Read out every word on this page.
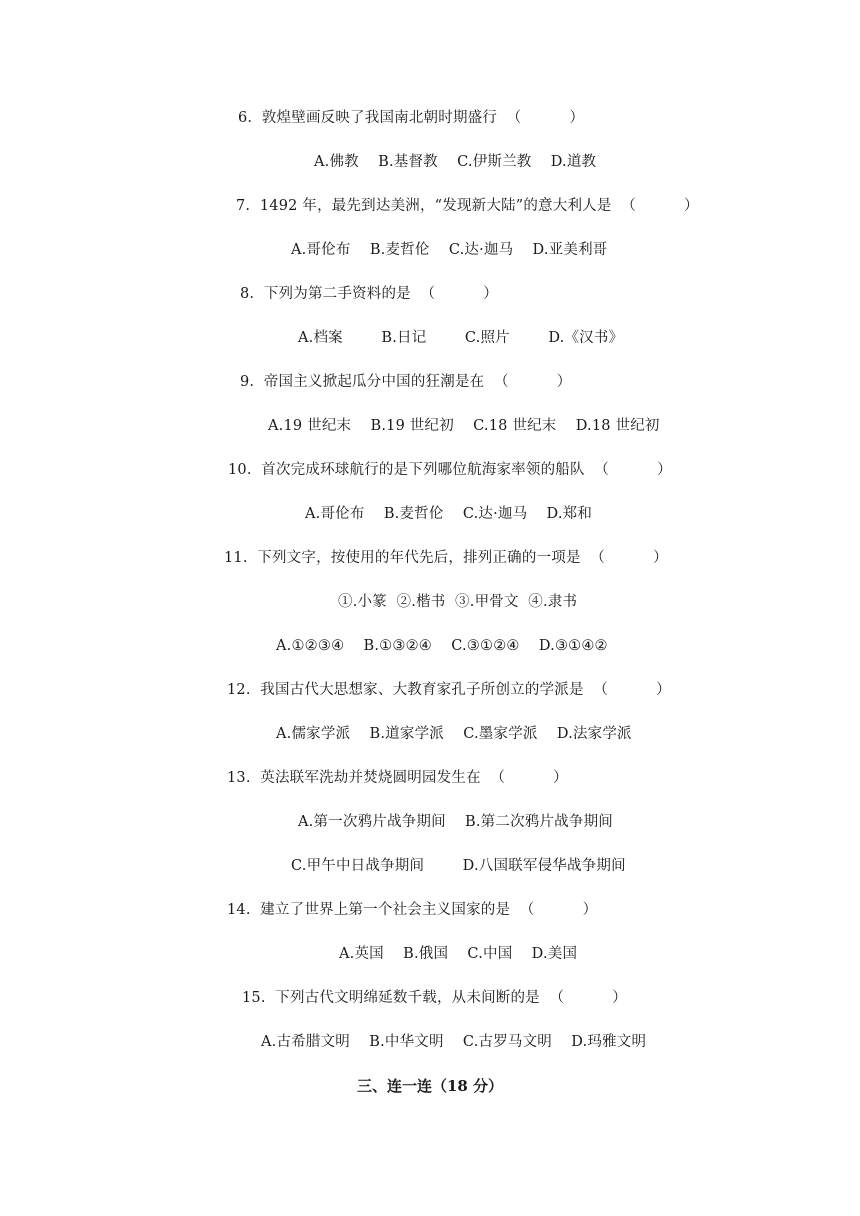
6.  敦煌壁画反映了我国南北朝时期盛行  （          ）
A.佛教    B.基督教    C.伊斯兰教    D.道教
7.  1492 年，最先到达美洲，“发现新大陆”的意大利人是  （          ）
A.哥伦布    B.麦哲伦    C.达·迦马    D.亚美利哥
8.  下列为第二手资料的是  （          ）
A.档案        B.日记        C.照片        D.《汉书》
9.  帝国主义掀起瓜分中国的狂潮是在  （          ）
A.19 世纪末    B.19 世纪初    C.18 世纪末    D.18 世纪初
10.  首次完成环球航行的是下列哪位航海家率领的船队  （          ）
A.哥伦布    B.麦哲伦    C.达·迦马    D.郑和
11.  下列文字，按使用的年代先后，排列正确的一项是  （          ）
①.小篆  ②.楷书  ③.甲骨文  ④.隶书
A.①②③④    B.①③②④    C.③①②④    D.③①④②
12.  我国古代大思想家、大教育家孔子所创立的学派是  （          ）
A.儒家学派    B.道家学派    C.墨家学派    D.法家学派
13.  英法联军洗劫并焚烧圆明园发生在  （          ）
A.第一次鸦片战争期间    B.第二次鸦片战争期间
C.甲午中日战争期间        D.八国联军侵华战争期间
14.  建立了世界上第一个社会主义国家的是  （          ）
A.英国    B.俄国    C.中国    D.美国
15.  下列古代文明绵延数千载，从未间断的是  （          ）
A.古希腊文明    B.中华文明    C.古罗马文明    D.玛雅文明
三、连一连（18 分）
